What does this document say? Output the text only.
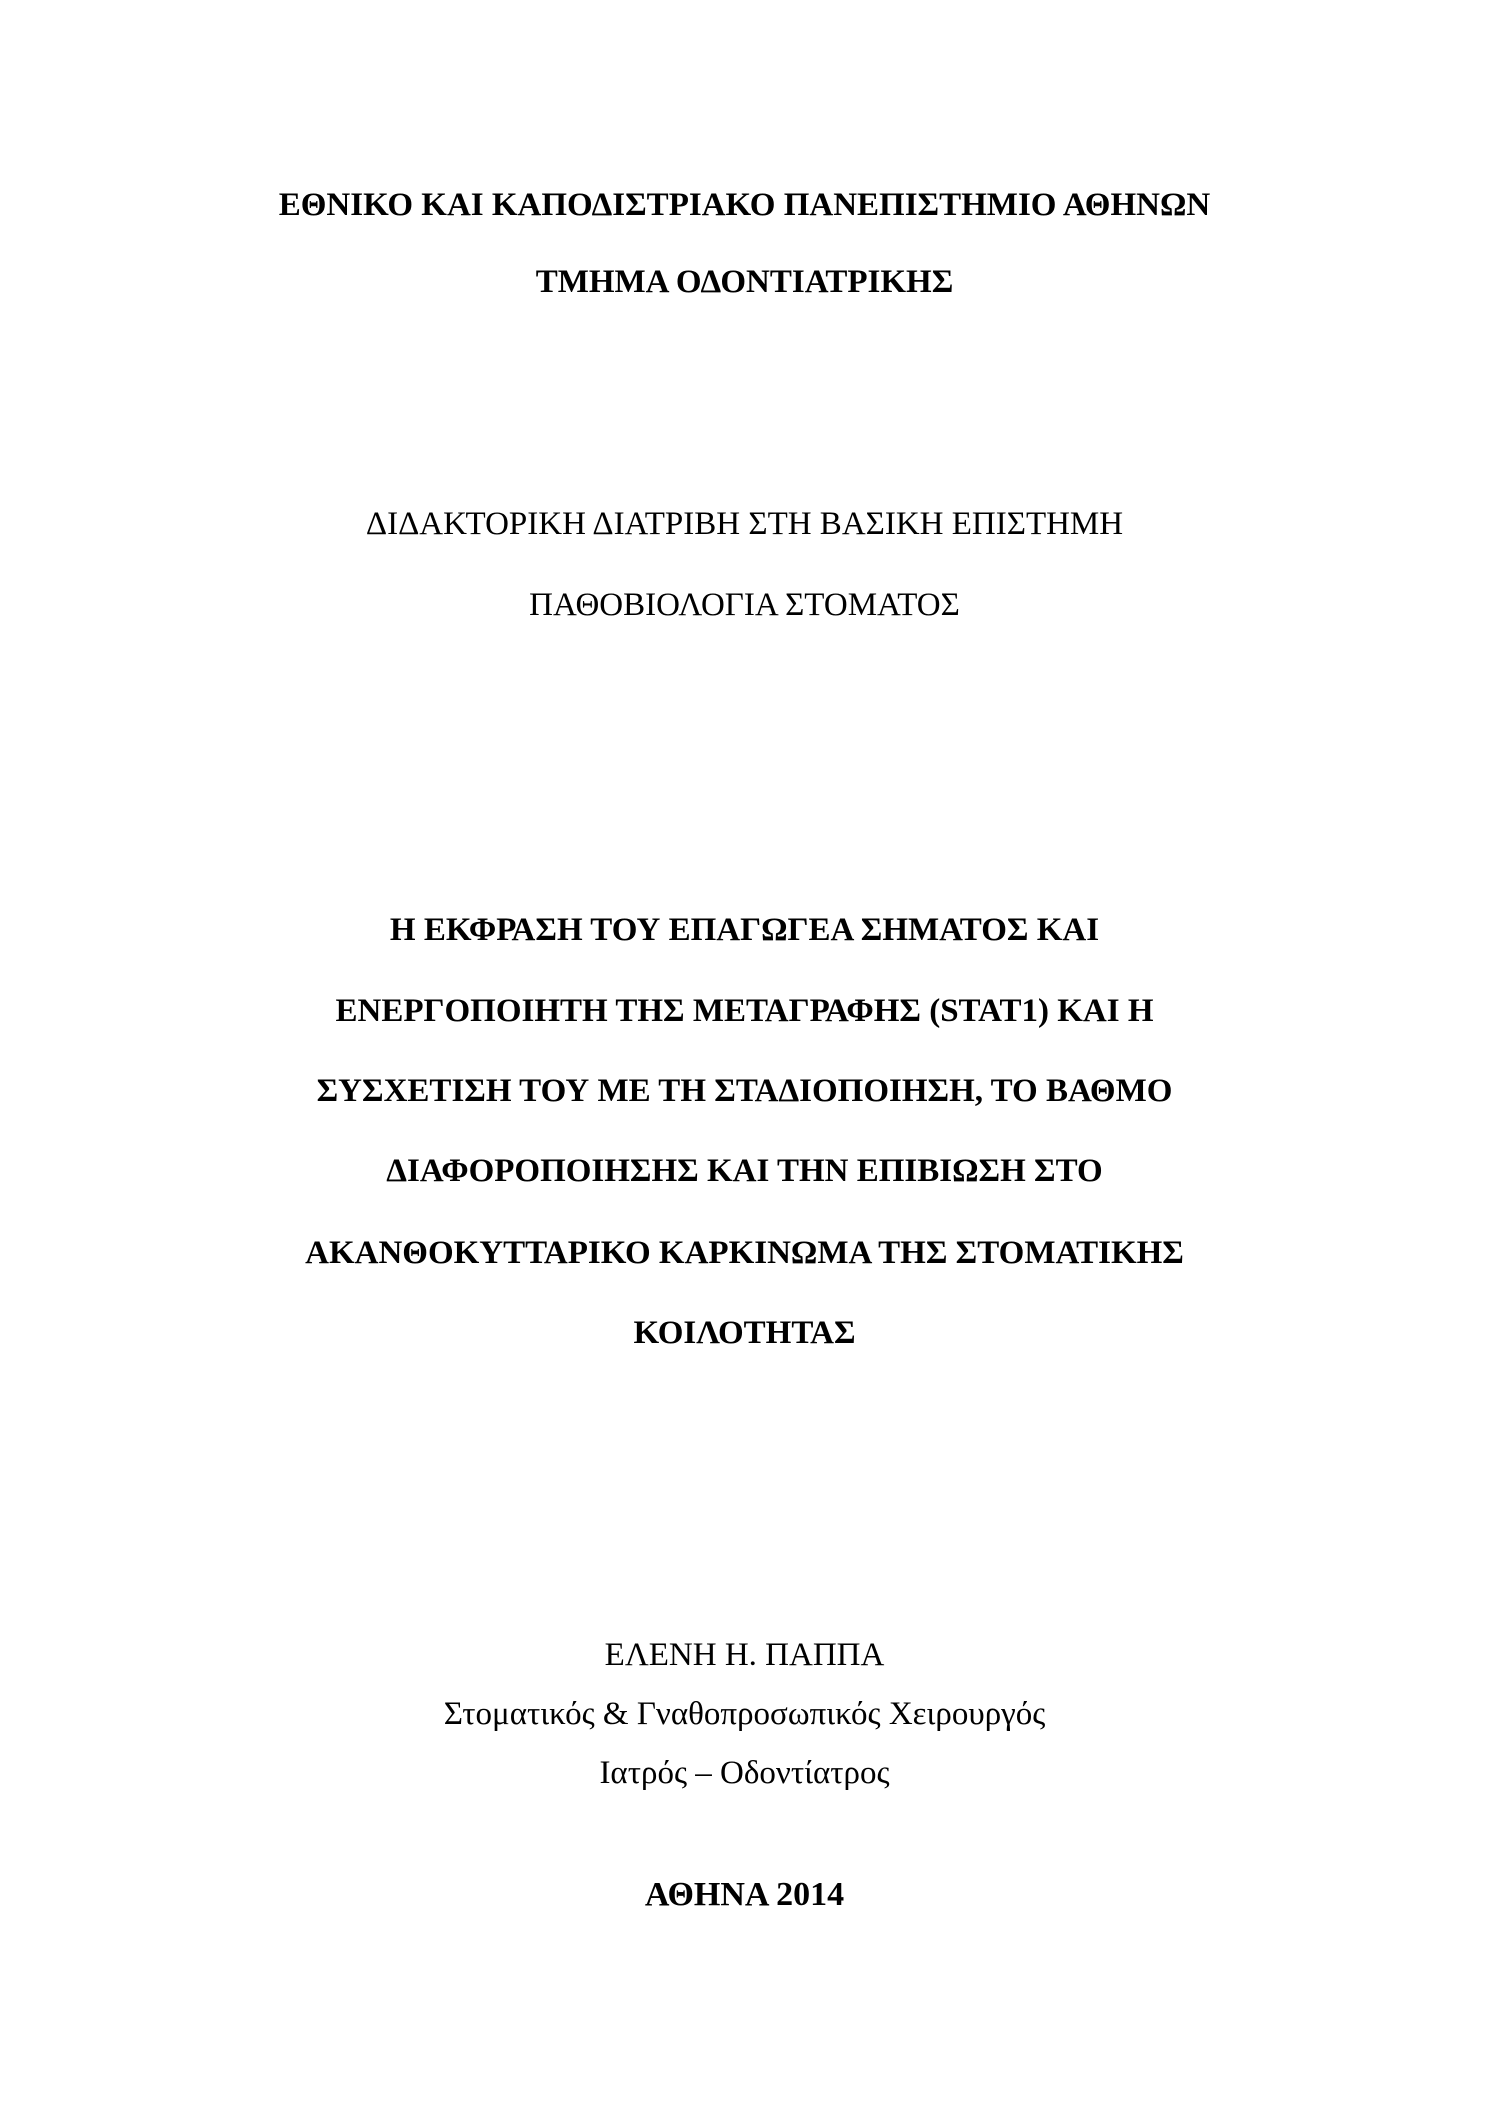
ΕΘΝΙΚΟ ΚΑΙ ΚΑΠΟΔΙΣΤΡΙΑΚΟ ΠΑΝΕΠΙΣΤΗΜΙΟ ΑΘΗΝΩΝ
ΤΜΗΜΑ ΟΔΟΝΤΙΑΤΡΙΚΗΣ
ΔΙΔΑΚΤΟΡΙΚΗ ΔΙΑΤΡΙΒΗ ΣΤΗ ΒΑΣΙΚΗ ΕΠΙΣΤΗΜΗ
ΠΑΘΟΒΙΟΛΟΓΙΑ ΣΤΟΜΑΤΟΣ
Η ΕΚΦΡΑΣΗ ΤΟΥ ΕΠΑΓΩΓΕΑ ΣΗΜΑΤΟΣ ΚΑΙ
ΕΝΕΡΓΟΠΟΙΗΤΗ ΤΗΣ ΜΕΤΑΓΡΑΦΗΣ (STAT1) ΚΑΙ Η
ΣΥΣΧΕΤΙΣΗ ΤΟΥ ΜΕ ΤΗ ΣΤΑΔΙΟΠΟΙΗΣΗ, ΤΟ ΒΑΘΜΟ
ΔΙΑΦΟΡΟΠΟΙΗΣΗΣ ΚΑΙ ΤΗΝ ΕΠΙΒΙΩΣΗ ΣΤΟ
ΑΚΑΝΘΟΚΥΤΤΑΡΙΚΟ ΚΑΡΚΙΝΩΜΑ ΤΗΣ ΣΤΟΜΑΤΙΚΗΣ
ΚΟΙΛΟΤΗΤΑΣ
ΕΛΕΝΗ Η. ΠΑΠΠΑ
Στοματικός & Γναθοπροσωπικός Χειρουργός
Ιατρός – Οδοντίατρος
ΑΘΗΝΑ 2014
